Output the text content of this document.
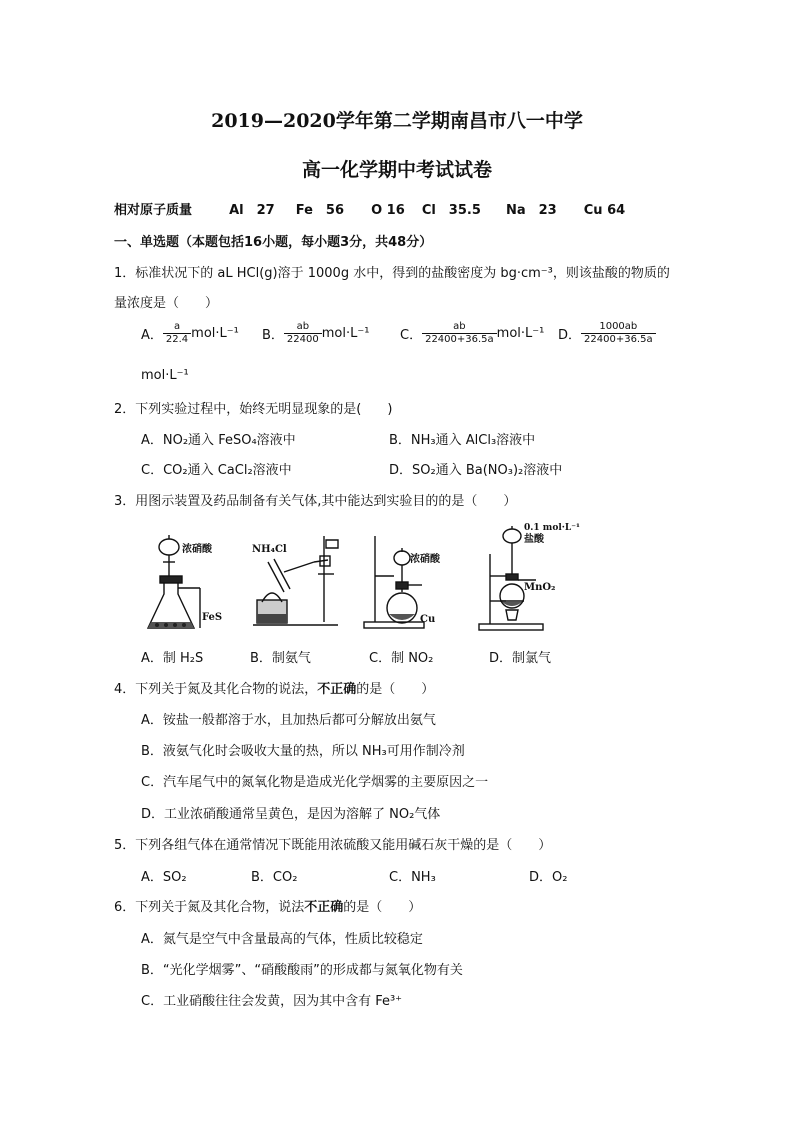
2019—2020学年第二学期南昌市八一中学
高一化学期中考试试卷
相对原子质量	Al　27 Fe　56 O 16 Cl　35.5 Na　23 Cu 64
一、单选题（本题包括16小题，每小题3分，共48分）
1．标准状况下的 aL HCl(g)溶于 1000g 水中，得到的盐酸密度为 bg·cm⁻³，则该盐酸的物质的
量浓度是（　　）
A． $\frac{a}{22.4} mol\cdot L^{-1}$ B． $\frac{ab}{22400} mol\cdot L^{-1}$ C． $\frac{ab}{22400+36.5a} mol\cdot L^{-1}$ D． $\frac{1000ab}{22400+36.5a}$
mol·L⁻¹
2．下列实验过程中，始终无明显现象的是(　　)
A．NO₂通入 FeSO₄溶液中	B．NH₃通入 AlCl₃溶液中
C．CO₂通入 CaCl₂溶液中	D．SO₂通入 Ba(NO₃)₂溶液中
3．用图示装置及药品制备有关气体,其中能达到实验目的的是（　　）
浓硝酸
FeS
NH₄Cl
浓硝酸
Cu
0.1 mol·L⁻¹
盐酸
MnO₂
A．制 H₂S	B．制氨气	C．制 NO₂	D．制氯气
4．下列关于氮及其化合物的说法，不正确的是（　　）
A．铵盐一般都溶于水，且加热后都可分解放出氨气
B．液氨气化时会吸收大量的热，所以 NH₃可用作制冷剂
C．汽车尾气中的氮氧化物是造成光化学烟雾的主要原因之一
D．工业浓硝酸通常呈黄色，是因为溶解了 NO₂气体
5．下列各组气体在通常情况下既能用浓硫酸又能用碱石灰干燥的是（　　）
A．SO₂	B．CO₂	C．NH₃	D．O₂
6．下列关于氮及其化合物，说法不正确的是（　　）
A．氮气是空气中含量最高的气体，性质比较稳定
B．“光化学烟雾”、“硝酸酸雨”的形成都与氮氧化物有关
C．工业硝酸往往会发黄，因为其中含有 Fe³⁺
